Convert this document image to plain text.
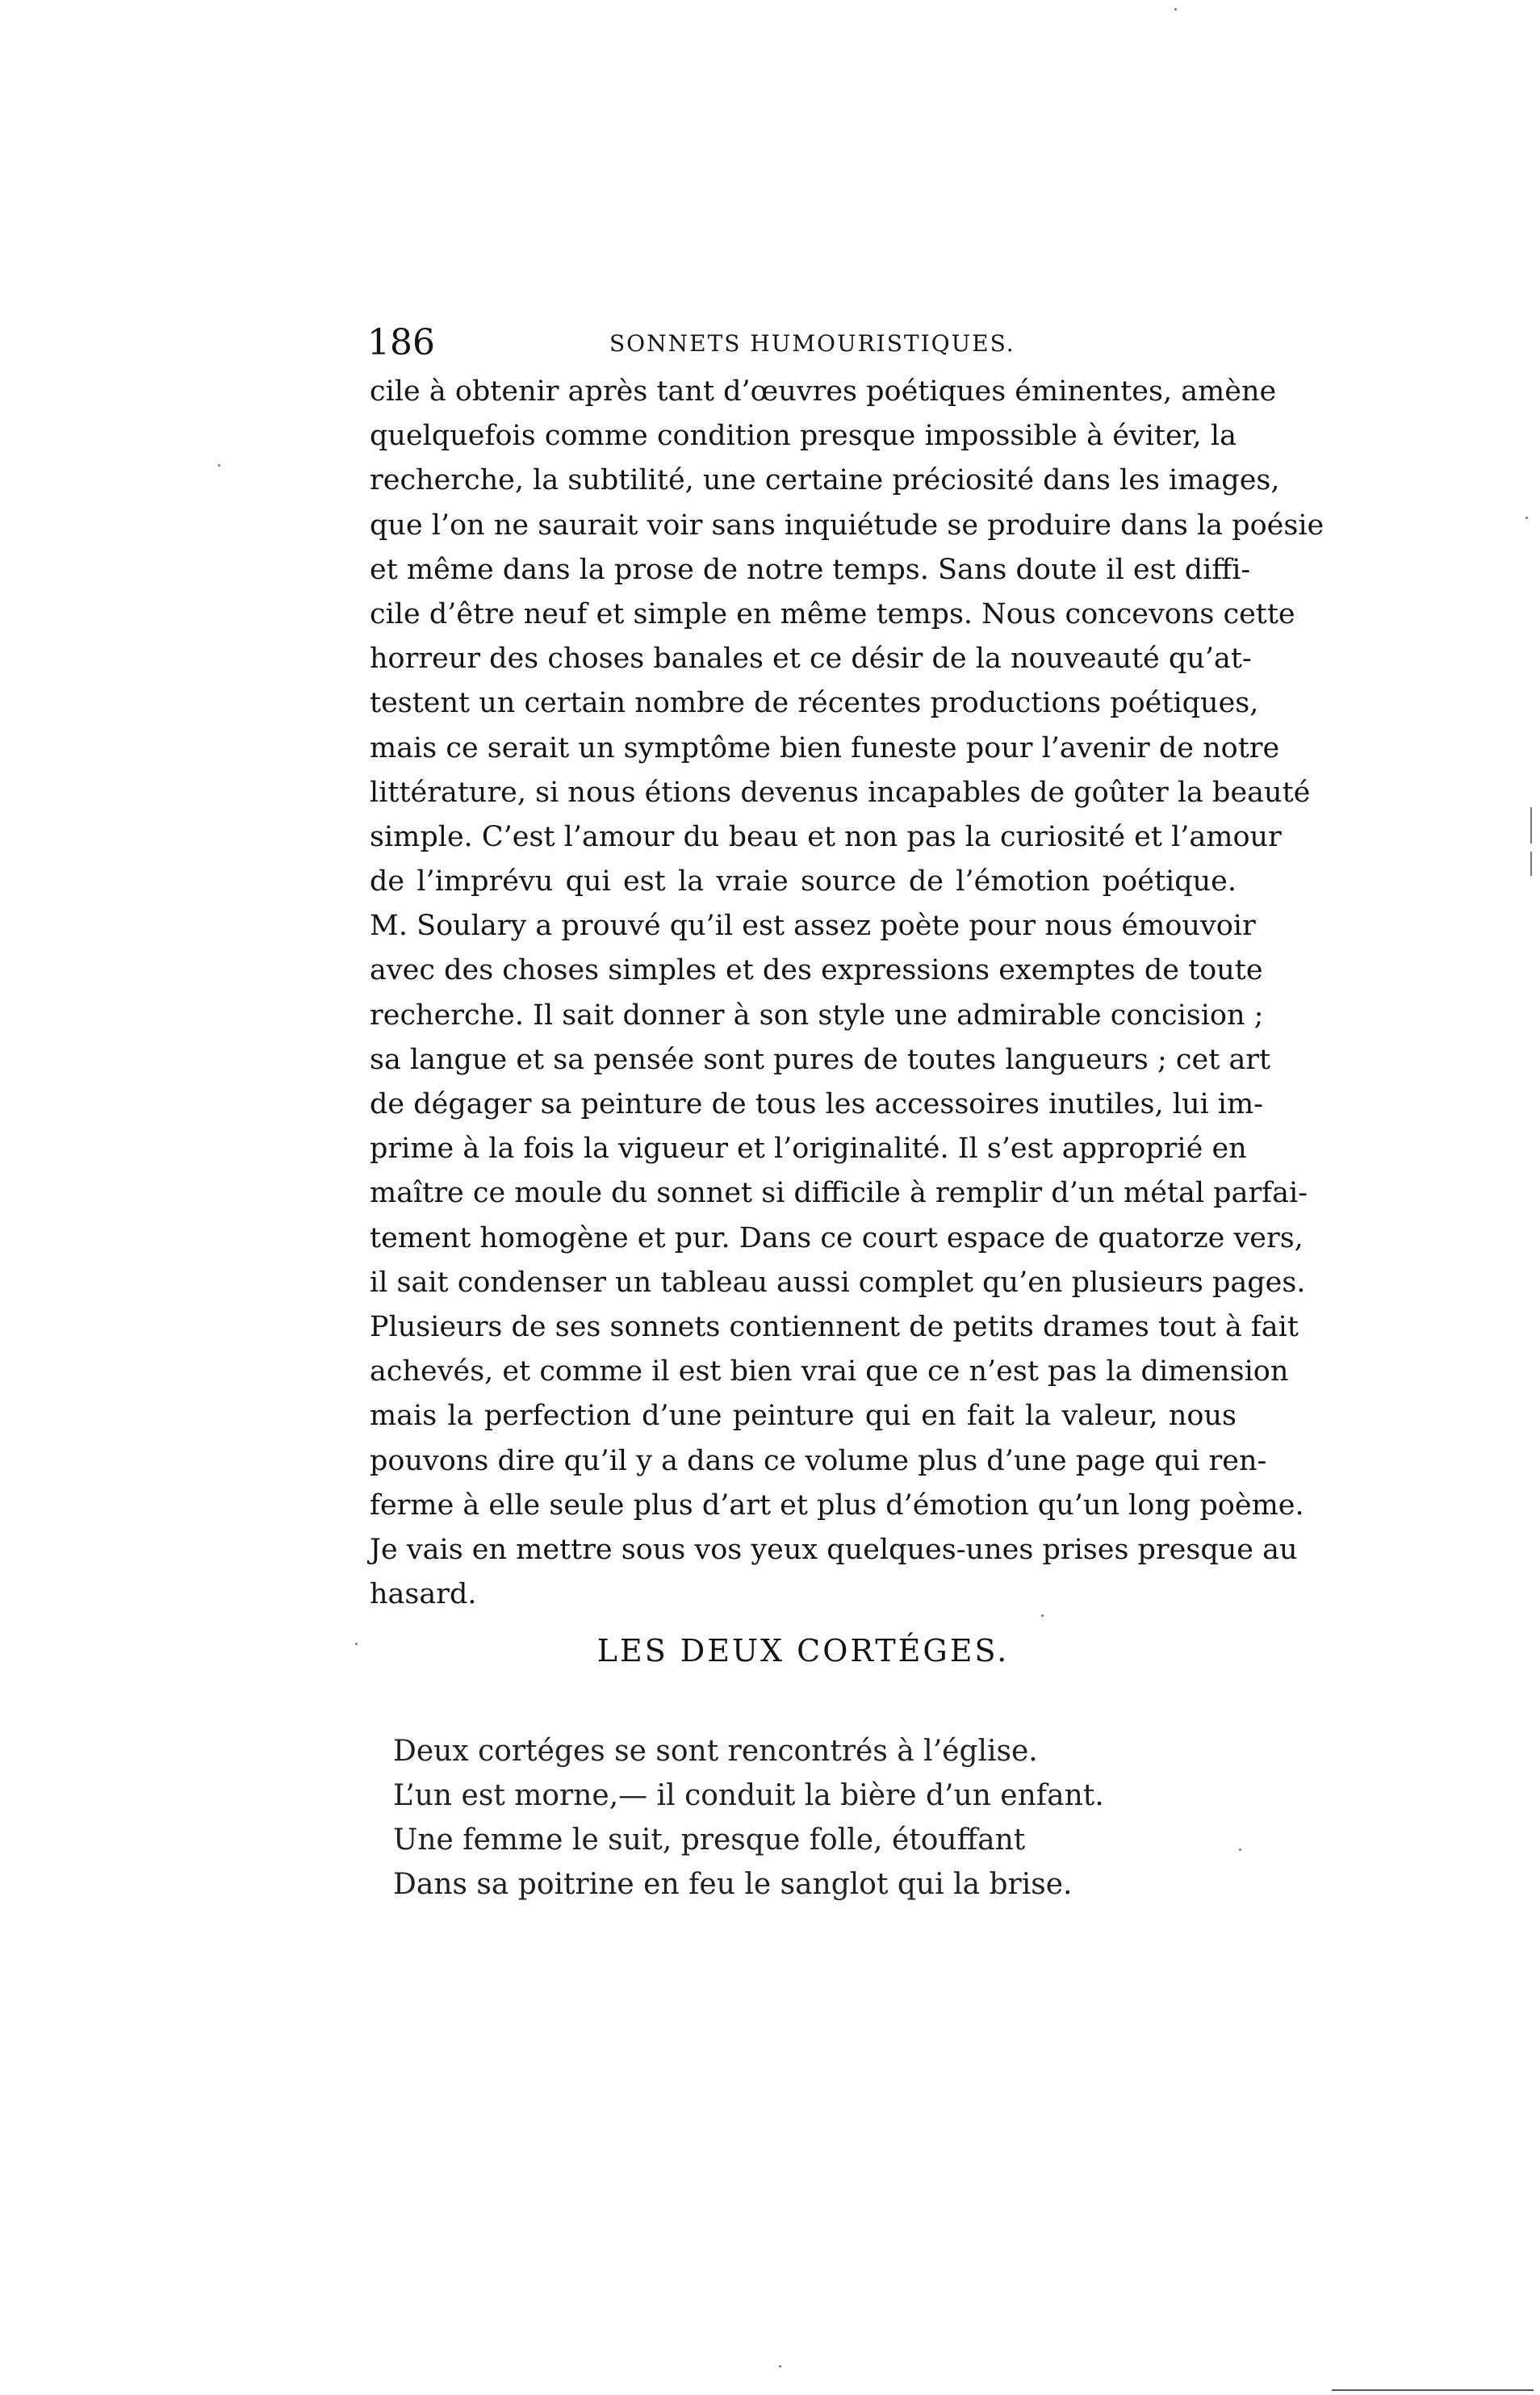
186	SONNETS HUMOURISTIQUES.
cile à obtenir après tant d’œuvres poétiques éminentes, amène
quelquefois comme condition presque impossible à éviter, la
recherche, la subtilité, une certaine préciosité dans les images,
que l’on ne saurait voir sans inquiétude se produire dans la poésie
et même dans la prose de notre temps. Sans doute il est diffi-
cile d’être neuf et simple en même temps. Nous concevons cette
horreur des choses banales et ce désir de la nouveauté qu’at-
testent un certain nombre de récentes productions poétiques,
mais ce serait un symptôme bien funeste pour l’avenir de notre
littérature, si nous étions devenus incapables de goûter la beauté
simple. C’est l’amour du beau et non pas la curiosité et l’amour
de l’imprévu qui est la vraie source de l’émotion poétique.
M. Soulary a prouvé qu’il est assez poète pour nous émouvoir
avec des choses simples et des expressions exemptes de toute
recherche. Il sait donner à son style une admirable concision ;
sa langue et sa pensée sont pures de toutes langueurs ; cet art
de dégager sa peinture de tous les accessoires inutiles, lui im-
prime à la fois la vigueur et l’originalité. Il s’est approprié en
maître ce moule du sonnet si difficile à remplir d’un métal parfai-
tement homogène et pur. Dans ce court espace de quatorze vers,
il sait condenser un tableau aussi complet qu’en plusieurs pages.
Plusieurs de ses sonnets contiennent de petits drames tout à fait
achevés, et comme il est bien vrai que ce n’est pas la dimension
mais la perfection d’une peinture qui en fait la valeur, nous
pouvons dire qu’il y a dans ce volume plus d’une page qui ren-
ferme à elle seule plus d’art et plus d’émotion qu’un long poème.
Je vais en mettre sous vos yeux quelques-unes prises presque au
hasard.
LES DEUX CORTÉGES.
Deux cortéges se sont rencontrés à l’église.
L’un est morne,— il conduit la bière d’un enfant.
Une femme le suit, presque folle, étouffant
Dans sa poitrine en feu le sanglot qui la brise.
